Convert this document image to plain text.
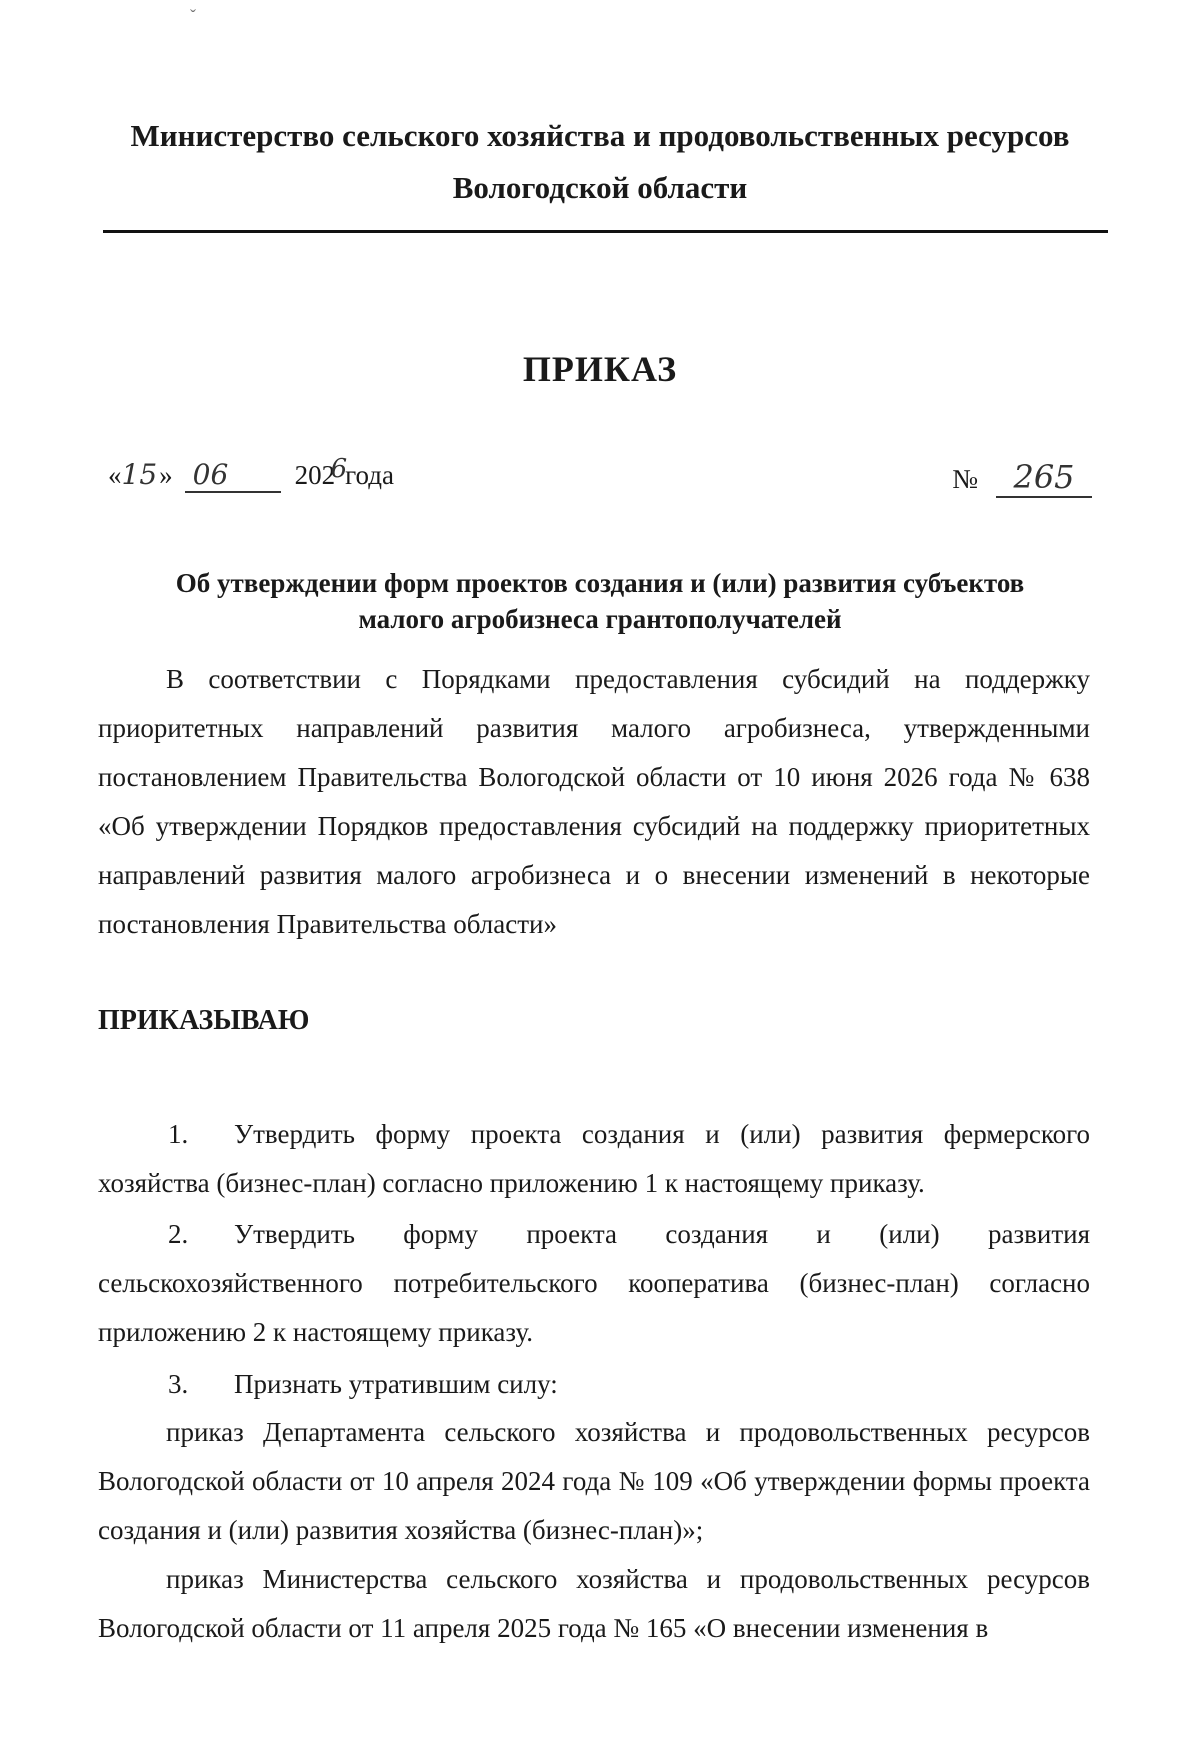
ˇ
Министерство сельского хозяйства и продовольственных ресурсов
Вологодской области
ПРИКАЗ
« 15 » 06	202
6
года	№	265
Об утверждении форм проектов создания и (или) развития субъектов малого агробизнеса грантополучателей
В соответствии с Порядками предоставления субсидий на поддержку приоритетных направлений развития малого агробизнеса, утвержденными постановлением Правительства Вологодской области от 10 июня 2026 года № 638 «Об утверждении Порядков предоставления субсидий на поддержку приоритетных направлений развития малого агробизнеса и о внесении изменений в некоторые постановления Правительства области»
ПРИКАЗЫВАЮ
1. Утвердить форму проекта создания и (или) развития фермерского хозяйства (бизнес-план) согласно приложению 1 к настоящему приказу.
2. Утвердить форму проекта создания и (или) развития сельскохозяйственного потребительского кооператива (бизнес-план) согласно приложению 2 к настоящему приказу.
3. Признать утратившим силу:
приказ Департамента сельского хозяйства и продовольственных ресурсов Вологодской области от 10 апреля 2024 года № 109 «Об утверждении формы проекта создания и (или) развития хозяйства (бизнес-план)»;
приказ Министерства сельского хозяйства и продовольственных ресурсов Вологодской области от 11 апреля 2025 года № 165 «О внесении изменения в
